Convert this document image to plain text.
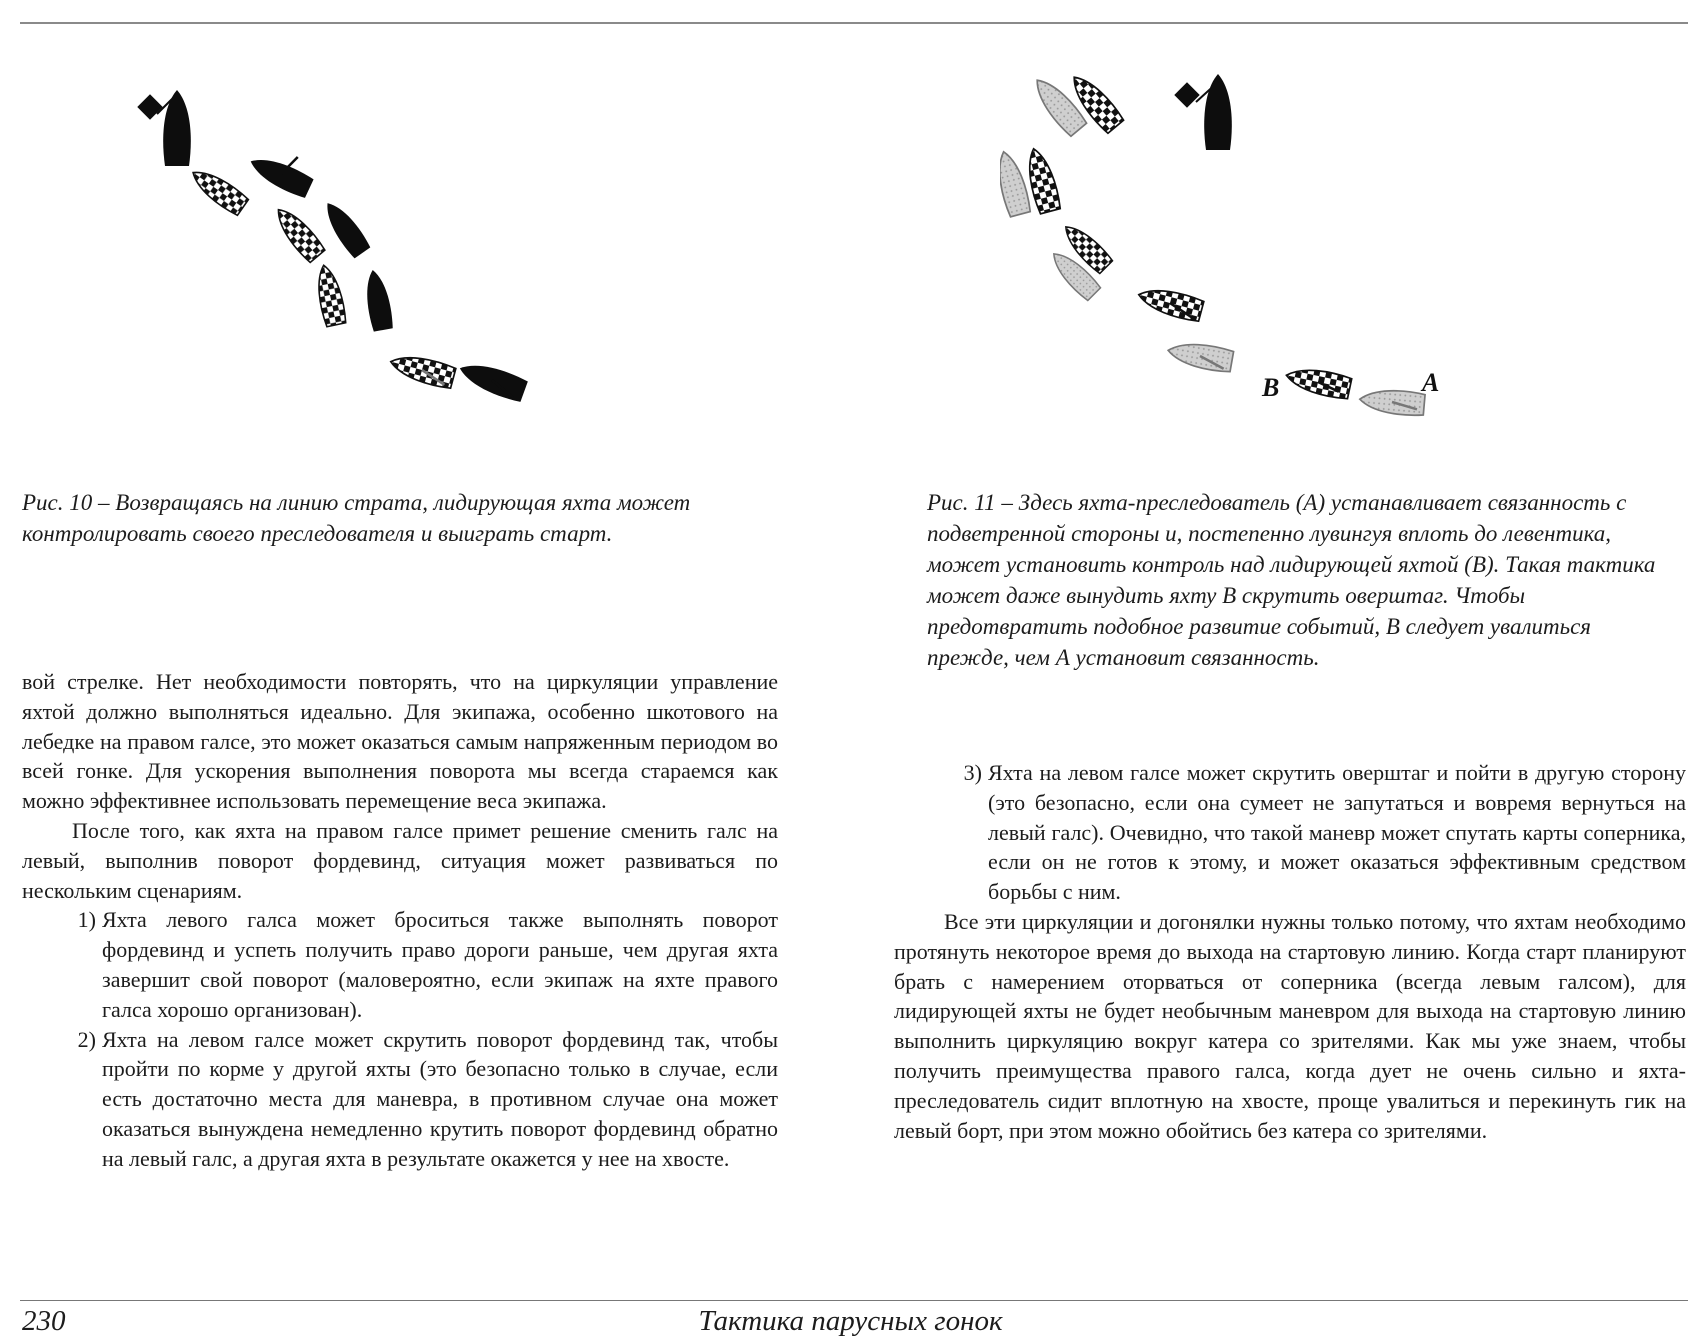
Рис. 10 – Возвращаясь на линию страта, лидирующая яхта может контролировать своего преследователя и выиграть старт.
B	A
Рис. 11 – Здесь яхта-преследователь (А) устанавливает связанность с подветренной стороны и, постепенно лувингуя вплоть до левентика, может установить контроль над лидирующей яхтой (В). Такая тактика может даже вынудить яхту В скрутить оверштаг. Чтобы предотвратить подобное развитие событий, В следует увалиться прежде, чем А установит связанность.

вой стрелке. Нет необходимости повторять, что на циркуляции управление яхтой должно выполняться идеально. Для экипажа, особенно шкотового на лебедке на правом галсе, это может оказаться самым напряженным периодом во всей гонке. Для ускорения выполнения поворота мы всегда стараемся как можно эффективнее использовать перемещение веса экипажа.

После того, как яхта на правом галсе примет решение сменить галс на левый, выполнив поворот фордевинд, ситуация может развиваться по нескольким сценариям.

1) Яхта левого галса может броситься также выполнять поворот фордевинд и успеть получить право дороги раньше, чем другая яхта завершит свой поворот (маловероятно, если экипаж на яхте правого галса хорошо организован).
2) Яхта на левом галсе может скрутить поворот фордевинд так, чтобы пройти по корме у другой яхты (это безопасно только в случае, если есть достаточно места для маневра, в противном случае она может оказаться вынуждена немедленно крутить поворот фордевинд обратно на левый галс, а другая яхта в результате окажется у нее на хвосте.
3) Яхта на левом галсе может скрутить оверштаг и пойти в другую сторону (это безопасно, если она сумеет не запутаться и вовремя вернуться на левый галс). Очевидно, что такой маневр может спутать карты соперника, если он не готов к этому, и может оказаться эффективным средством борьбы с ним.

Все эти циркуляции и догонялки нужны только потому, что яхтам необходимо протянуть некоторое время до выхода на стартовую линию. Когда старт планируют брать с намерением оторваться от соперника (всегда левым галсом), для лидирующей яхты не будет необычным маневром для выхода на стартовую линию выполнить циркуляцию вокруг катера со зрителями. Как мы уже знаем, чтобы получить преимущества правого галса, когда дует не очень сильно и яхта-преследователь сидит вплотную на хвосте, проще увалиться и перекинуть гик на левый борт, при этом можно обойтись без катера со зрителями.

Тактика парусных гонок
230
